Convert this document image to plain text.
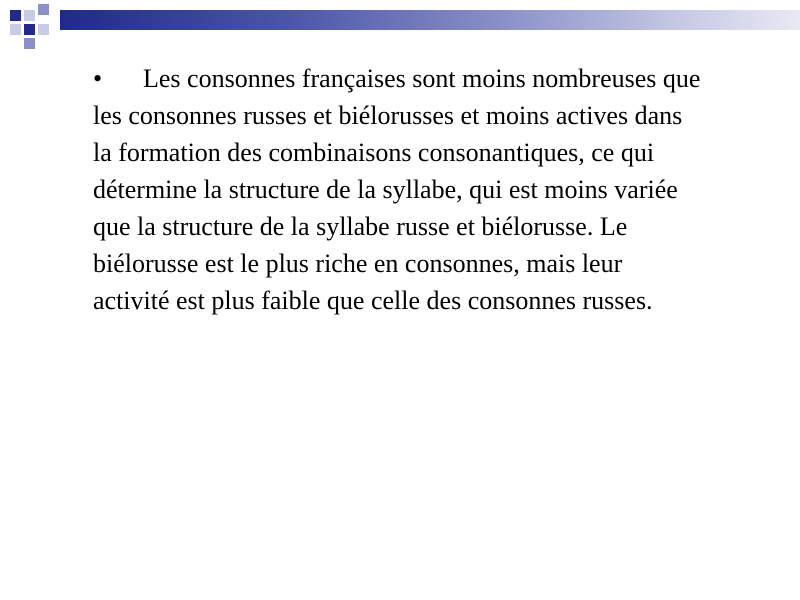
• Les consonnes françaises sont moins nombreuses que les consonnes russes et biélorusses et moins actives dans la formation des combinaisons consonantiques, ce qui détermine la structure de la syllabe, qui est moins variée que la structure de la syllabe russe et biélorusse. Le biélorusse est le plus riche en consonnes, mais leur activité est plus faible que celle des consonnes russes.
